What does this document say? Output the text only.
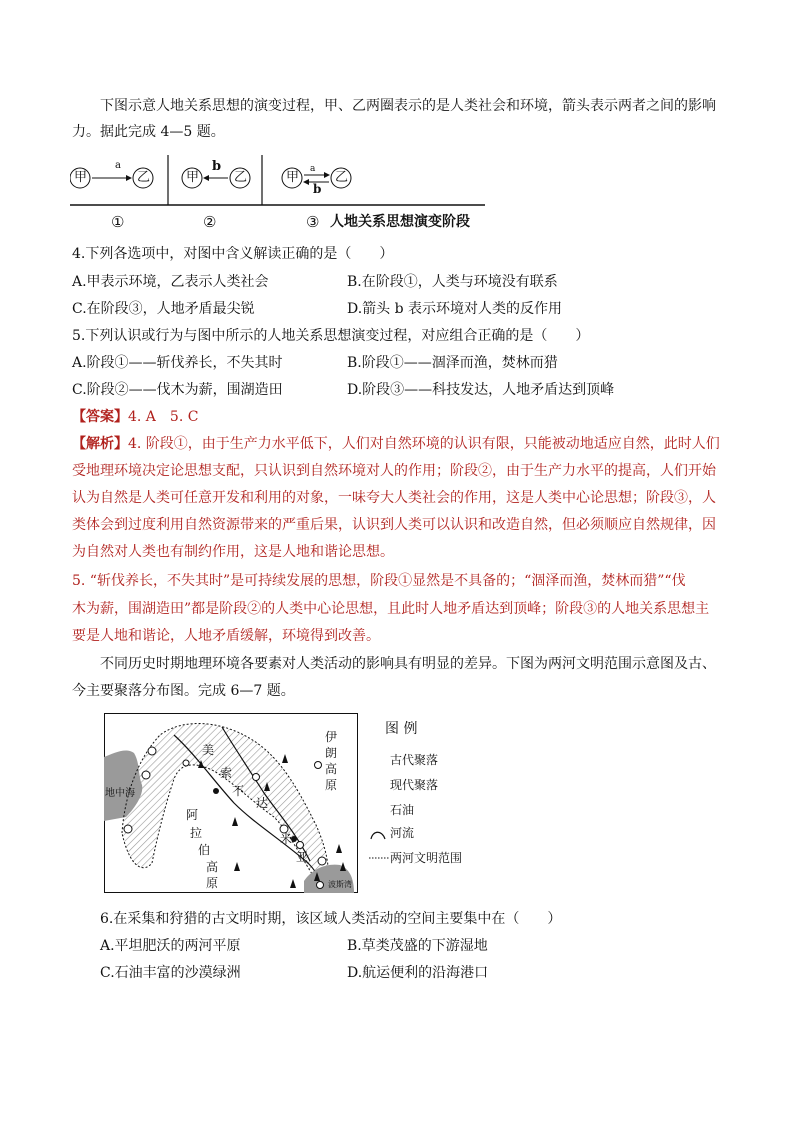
下图示意人地关系思想的演变过程，甲、乙两圈表示的是人类社会和环境，箭头表示两者之间的影响
力。据此完成 4—5 题。
甲	乙
a
甲	乙
b
甲	乙
a
b
①	②	③ 人地关系思想演变阶段
4.下列各选项中，对图中含义解读正确的是（　　）
A.甲表示环境，乙表示人类社会	B.在阶段①，人类与环境没有联系
C.在阶段③，人地矛盾最尖锐	D.箭头 b 表示环境对人类的反作用
5.下列认识或行为与图中所示的人地关系思想演变过程，对应组合正确的是（　　）
A.阶段①——斩伐养长，不失其时	B.阶段①——涸泽而渔，焚林而猎
C.阶段②——伐木为薪，围湖造田	D.阶段③——科技发达，人地矛盾达到顶峰
【答案】4. A　5. C
【解析】4. 阶段①，由于生产力水平低下，人们对自然环境的认识有限，只能被动地适应自然，此时人们
受地理环境决定论思想支配，只认识到自然环境对人的作用；阶段②，由于生产力水平的提高，人们开始
认为自然是人类可任意开发和利用的对象，一味夸大人类社会的作用，这是人类中心论思想；阶段③，人
类体会到过度利用自然资源带来的严重后果，认识到人类可以认识和改造自然，但必须顺应自然规律，因
为自然对人类也有制约作用，这是人地和谐论思想。
5. “斩伐养长，不失其时”是可持续发展的思想，阶段①显然是不具备的；“涸泽而渔，焚林而猎”“伐
木为薪，围湖造田”都是阶段②的人类中心论思想，且此时人地矛盾达到顶峰；阶段③的人地关系思想主
要是人地和谐论，人地矛盾缓解，环境得到改善。
不同历史时期地理环境各要素对人类活动的影响具有明显的差异。下图为两河文明范围示意图及古、
今主要聚落分布图。完成 6—7 题。
美
索
不
达
米
亚
伊
朗
高
原
阿
拉
伯
高
原
地中海
波斯湾
图 例
古代聚落
现代聚落
石油
河流
两河文明范围
6.在采集和狩猎的古文明时期，该区域人类活动的空间主要集中在（　　）
A.平坦肥沃的两河平原	B.草类茂盛的下游湿地
C.石油丰富的沙漠绿洲	D.航运便利的沿海港口
